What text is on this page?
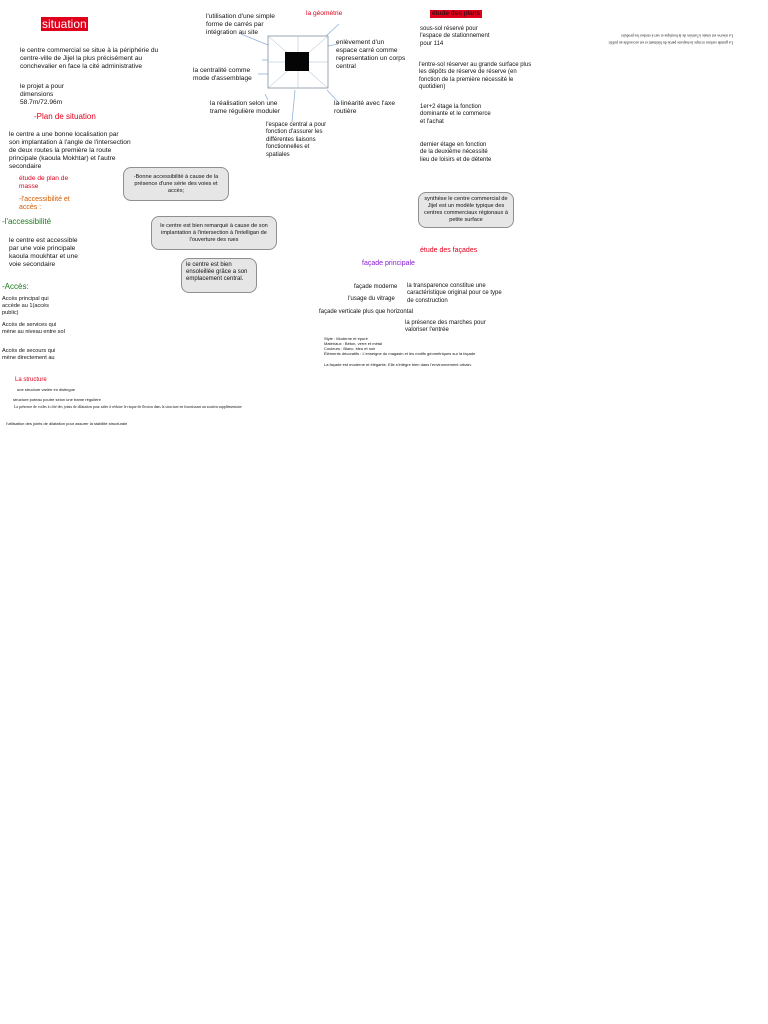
situation

le centre commercial se situe à la périphérie du centre-ville de Jijel la plus précisément au conchevalier en face la cité administrative

le projet a pour dimensions 58.7m/72.96m

-Plan de situation

le centre a une bonne localisation par son implantation à l'angle de l'intersection de deux routes la première la route principale (kaoula Mokhtar) et l'autre secondaire

étude de plan de masse
-l'accessibilité et accès :
-l'accessibilité

le centre est accessible par une voie principale kaoula moukhtar et une voie secondaire

-Accès:

Accès principal qui accède au 1(accès public)

Accès de services qui mène au niveau entre sol

Accès de secours qui mène directement au

-Bonne accessibilité à cause de la présence d'une série des voies et accès;
le centre est bien remarqué à cause de son implantation à l'intersection à l'intelligan de l'ouverture des rues
le centre est bien ensoleillée grâce a son emplacement central.
La structure

une structure variée en distingue

structure poteau poutre selon une trame régulière

La présence de voiles à côté des joints de dilatation pour aider à réduire le risque de flexion dans la structure en fournissant un soutien supplémentaire

l'utilisation des joints de dilatation pour assurer la stabilité structurale

la géométrie

l'utilisation d'une simple forme de carrés par intégration au site

enlèvement d'un espace carré comme representation un corps central

la centralité comme mode d'assemblage

la réalisation selon une trame régulière moduler

la linéarité avec l'axe routière

l'espace central a pour fonction d'assurer les différentes liaisons fonctionnelles et spatiales

étude des plans

sous-sol réservé pour l'espace de stationnement pour 114

l'entre-sol réserver au grande surface plus les dépôts de réserve de réserve (en fonction de la première nécessité le quotidien)

1er+2 étage la fonction dominante et le commerce et l'achat

dernier étage en fonction de la deuxième nécessité lieu de loisirs et de détente

synthèse le centre commercial de Jijel est un modèle typique des centres commerciaux régionaux à petite surface

La grande surface occupe la majeure partie du bâtiment et est accessible au public

La réserve est située à l'arrière de la boutique et sert à stocker les produits

étude des façades
façade principale

façade moderne la transparence constitue une caractéristique original pour ce type de construction

l'usage du vitrage

façade verticale plus que horizontal

la présence des marches pour valoriser l'entrée

Style : Moderne et épuré

Matériaux : Béton, verre et métal

Couleurs : Blanc, bleu et noir

Éléments décoratifs : L'enseigne du magasin et les motifs géométriques sur la façade

La façade est moderne et élégante. Elle s'intègre bien dans l'environnement urbain.
